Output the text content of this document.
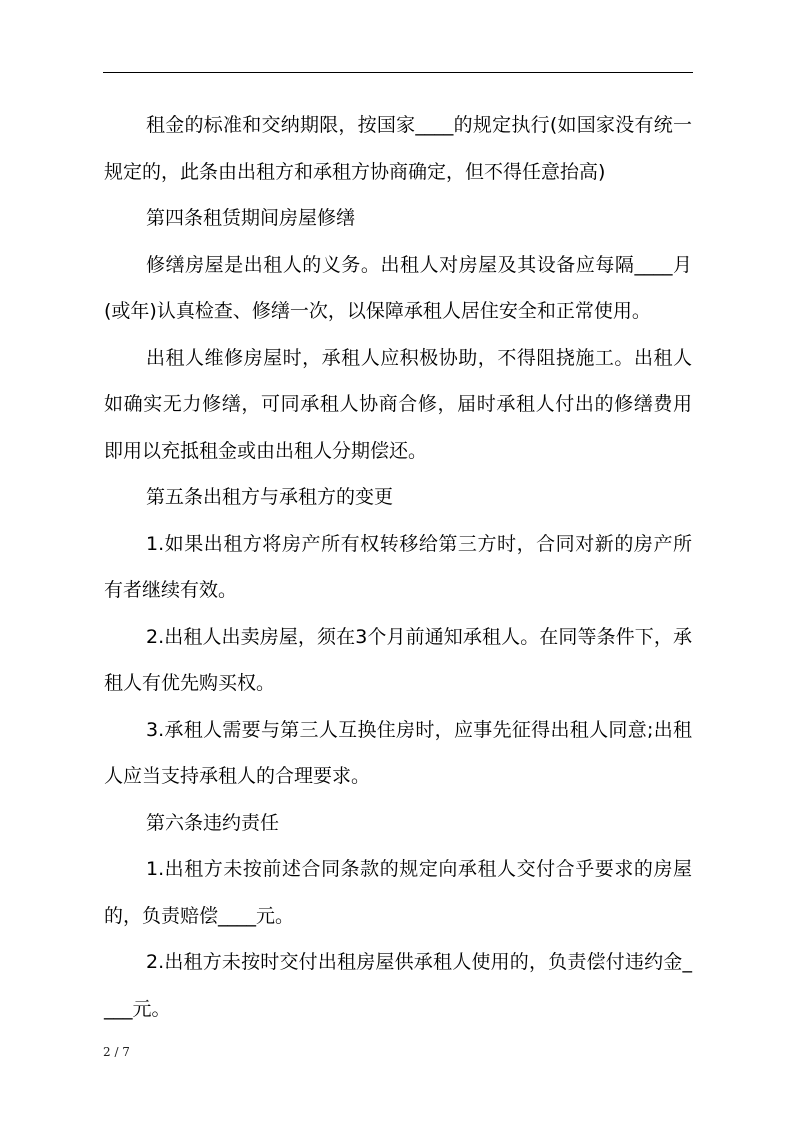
租金的标准和交纳期限，按国家____的规定执行(如国家没有统一规定的，此条由出租方和承租方协商确定，但不得任意抬高)

第四条租赁期间房屋修缮

修缮房屋是出租人的义务。出租人对房屋及其设备应每隔____月(或年)认真检查、修缮一次，以保障承租人居住安全和正常使用。

出租人维修房屋时，承租人应积极协助，不得阻挠施工。出租人如确实无力修缮，可同承租人协商合修，届时承租人付出的修缮费用即用以充抵租金或由出租人分期偿还。

第五条出租方与承租方的变更

1.如果出租方将房产所有权转移给第三方时，合同对新的房产所有者继续有效。

2.出租人出卖房屋，须在3个月前通知承租人。在同等条件下，承租人有优先购买权。

3.承租人需要与第三人互换住房时，应事先征得出租人同意;出租人应当支持承租人的合理要求。

第六条违约责任

1.出租方未按前述合同条款的规定向承租人交付合乎要求的房屋的，负责赔偿____元。

2.出租方未按时交付出租房屋供承租人使用的，负责偿付违约金____元。

2 / 7
